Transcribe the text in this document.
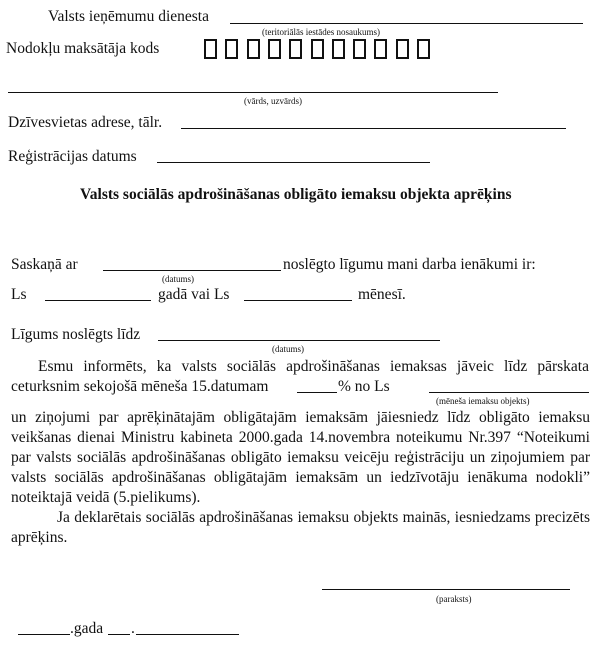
Valsts ieņēmumu dienesta
(teritoriālās iestādes nosaukums)
Nodokļu maksātāja kods
(vārds, uzvārds)
Dzīvesvietas adrese, tālr.
Reģistrācijas datums
Valsts sociālās apdrošināšanas obligāto iemaksu objekta aprēķins
Saskaņā ar	noslēgto līgumu mani darba ienākumi ir:
(datums)
Ls	gadā vai Ls	mēnesī.
Līgums noslēgts līdz
(datums)
Esmu informēts, ka valsts sociālās apdrošināšanas iemaksas jāveic līdz pārskata
ceturksnim sekojošā mēneša 15.datumam	% no Ls
(mēneša iemaksu objekts)
un ziņojumi par aprēķinātajām obligātajām iemaksām jāiesniedz līdz obligāto iemaksu veikšanas dienai Ministru kabineta 2000.gada 14.novembra noteikumu Nr.397 “Noteikumi par valsts sociālās apdrošināšanas obligāto iemaksu veicēju reģistrāciju un ziņojumiem par valsts sociālās apdrošināšanas obligātajām iemaksām un iedzīvotāju ienākuma nodokli” noteiktajā veidā (5.pielikums).
Ja deklarētais sociālās apdrošināšanas iemaksu objekts mainās, iesniedzams precizēts aprēķins.
(paraksts)
.gada .
